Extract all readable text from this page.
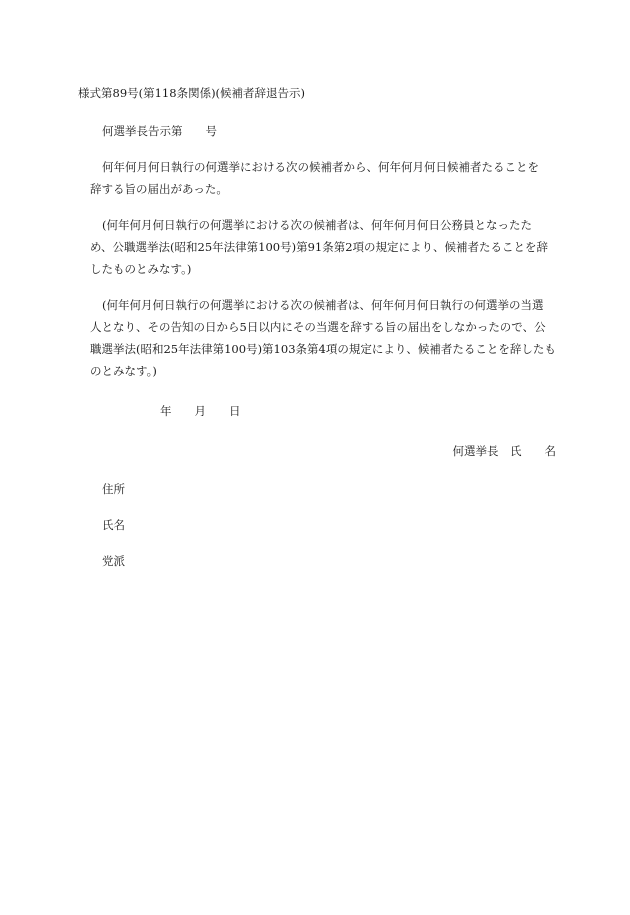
様式第89号(第118条関係)(候補者辞退告示)
何選挙長告示第　　号
何年何月何日執行の何選挙における次の候補者から、何年何月何日候補者たることを
辞する旨の届出があった。
(何年何月何日執行の何選挙における次の候補者は、何年何月何日公務員となったた
め、公職選挙法(昭和25年法律第100号)第91条第2項の規定により、候補者たることを辞
したものとみなす。)
(何年何月何日執行の何選挙における次の候補者は、何年何月何日執行の何選挙の当選
人となり、その告知の日から5日以内にその当選を辞する旨の届出をしなかったので、公
職選挙法(昭和25年法律第100号)第103条第4項の規定により、候補者たることを辞したも
のとみなす。)
年　　月　　日
何選挙長　氏　　名
住所
氏名
党派
